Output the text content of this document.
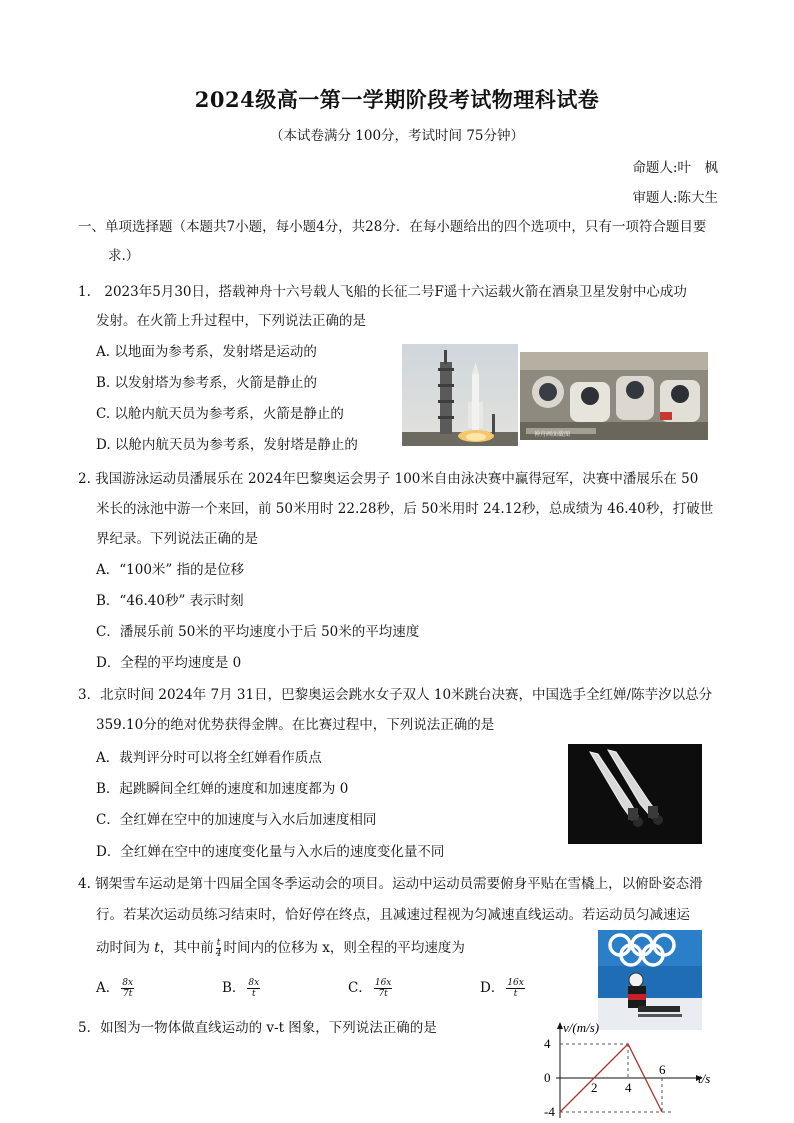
2024级高一第一学期阶段考试物理科试卷
（本试卷满分 100分，考试时间 75分钟）
命题人:叶　枫
审题人:陈大生
一、单项选择题（本题共7小题，每小题4分，共28分．在每小题给出的四个选项中，只有一项符合题目要
求.）
1.　2023年5月30日，搭载神舟十六号载人飞船的长征二号F遥十六运载火箭在酒泉卫星发射中心成功
发射。在火箭上升过程中，下列说法正确的是
A. 以地面为参考系，发射塔是运动的
B. 以发射塔为参考系，火箭是静止的
C. 以舱内航天员为参考系，火箭是静止的
D. 以舱内航天员为参考系，发射塔是静止的
神舟画面截图
2. 我国游泳运动员潘展乐在 2024年巴黎奥运会男子 100米自由泳决赛中赢得冠军，决赛中潘展乐在 50
米长的泳池中游一个来回，前 50米用时 22.28秒，后 50米用时 24.12秒，总成绩为 46.40秒，打破世
界纪录。下列说法正确的是
A．“100米” 指的是位移
B．“46.40秒” 表示时刻
C．潘展乐前 50米的平均速度小于后 50米的平均速度
D．全程的平均速度是 0
3．北京时间 2024年 7月 31日，巴黎奥运会跳水女子双人 10米跳台决赛，中国选手全红婵/陈芋汐以总分
359.10分的绝对优势获得金牌。在比赛过程中，下列说法正确的是
A．裁判评分时可以将全红婵看作质点
B．起跳瞬间全红婵的速度和加速度都为 0
C．全红婵在空中的加速度与入水后加速度相同
D．全红婵在空中的速度变化量与入水后的速度变化量不同
4. 钢架雪车运动是第十四届全国冬季运动会的项目。运动中运动员需要俯身平贴在雪橇上，以俯卧姿态滑
行。若某次运动员练习结束时，恰好停在终点，且减速过程视为匀减速直线运动。若运动员匀减速运
动时间为 t，其中前 $\frac{t}{4}$ 时间内的位移为 x，则全程的平均速度为
A． $\frac{8x}{7t}$	B． $\frac{8x}{t}$	C． $\frac{16x}{7t}$	D． $\frac{16x}{t}$
5．如图为一物体做直线运动的 v-t 图象，下列说法正确的是	v/(m/s)
t/s
4
0
-4
2 4
6
